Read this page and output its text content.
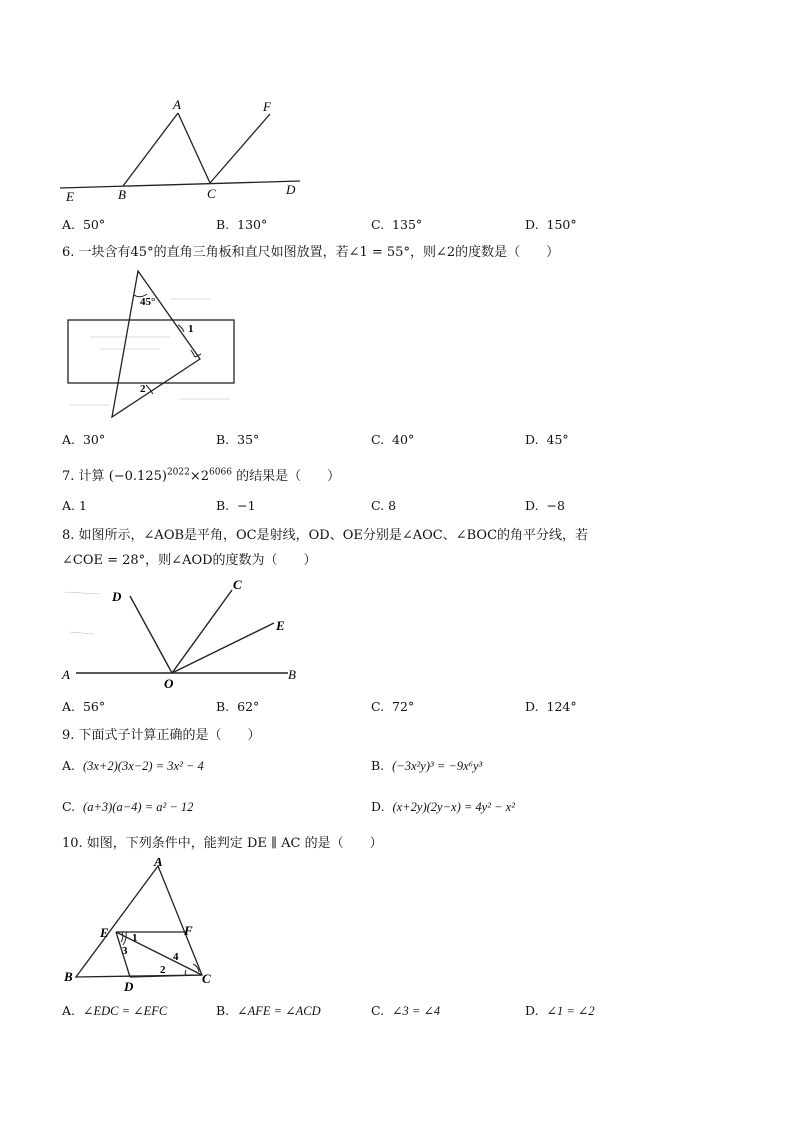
A	F
E	B	C	D
A. 50°	B. 130°	C. 135°	D. 150°
6. 一块含有45°的直角三角板和直尺如图放置，若∠1 = 55°，则∠2的度数是（　　）
45°
1
2
A. 30°	B. 35°	C. 40°	D. 45°
7. 计算 $(-0.125)^{2022}\times 2^{6066}$ 的结果是（　　）
A. 1	B. −1	C. 8	D. −8
8. 如图所示，∠AOB是平角，OC是射线，OD、OE分别是∠AOC、∠BOC的角平分线，若
∠COE = 28°，则∠AOD的度数为（　　）
A	B
O
C
D
E
A. 56°	B. 62°	C. 72°	D. 124°
9. 下面式子计算正确的是（　　）
A. (3x+2)(3x−2) = 3x² − 4	B. (−3x²y)³ = −9x⁶y³
C. (a+3)(a−4) = a² − 12	D. (x+2y)(2y−x) = 4y² − x²
10. 如图，下列条件中，能判定 DE ∥ AC 的是（　　）
A
E	F
B
D
C
1
3
2
4
A. ∠EDC = ∠EFC	B. ∠AFE = ∠ACD	C. ∠3 = ∠4	D. ∠1 = ∠2
